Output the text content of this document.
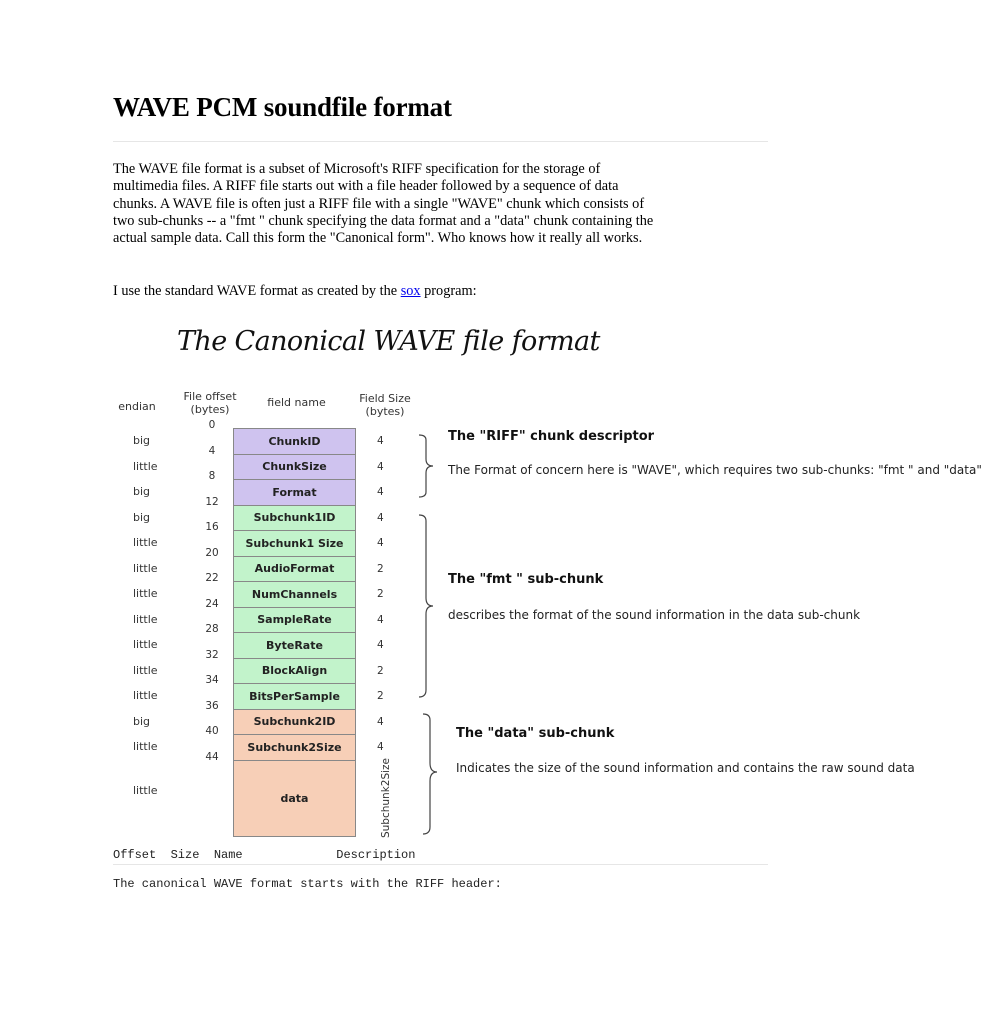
WAVE PCM soundfile format

The WAVE file format is a subset of Microsoft's RIFF specification for the storage of multimedia files. A RIFF file starts out with a file header followed by a sequence of data chunks. A WAVE file is often just a RIFF file with a single "WAVE" chunk which consists of two sub-chunks -- a "fmt " chunk specifying the data format and a "data" chunk containing the actual sample data. Call this form the "Canonical form". Who knows how it really all works.

I use the standard WAVE format as created by the sox program:

The Canonical WAVE file format
endian
File offset
(bytes)
field name	Field Size
(bytes)
ChunkID
big
0
4
ChunkSize
little
4
4
Format
big
8
4
Subchunk1ID
big
12
4
Subchunk1 Size
little
16
4
AudioFormat
little
20
2
NumChannels
little
22
2
SampleRate
little
24
4
ByteRate
little
28
4
BlockAlign
little
32
2
BitsPerSample
little
34
2
Subchunk2ID
big
36
4
Subchunk2Size
little
40
4
data
little
44
Subchunk2Size
The "RIFF" chunk descriptor
The Format of concern here is "WAVE", which requires two sub-chunks: "fmt " and "data"
The "fmt " sub-chunk
describes the format of the sound information in the data sub-chunk
The "data" sub-chunk
Indicates the size of the sound information and contains the raw sound data
Offset  Size  Name             Description
The canonical WAVE format starts with the RIFF header:
